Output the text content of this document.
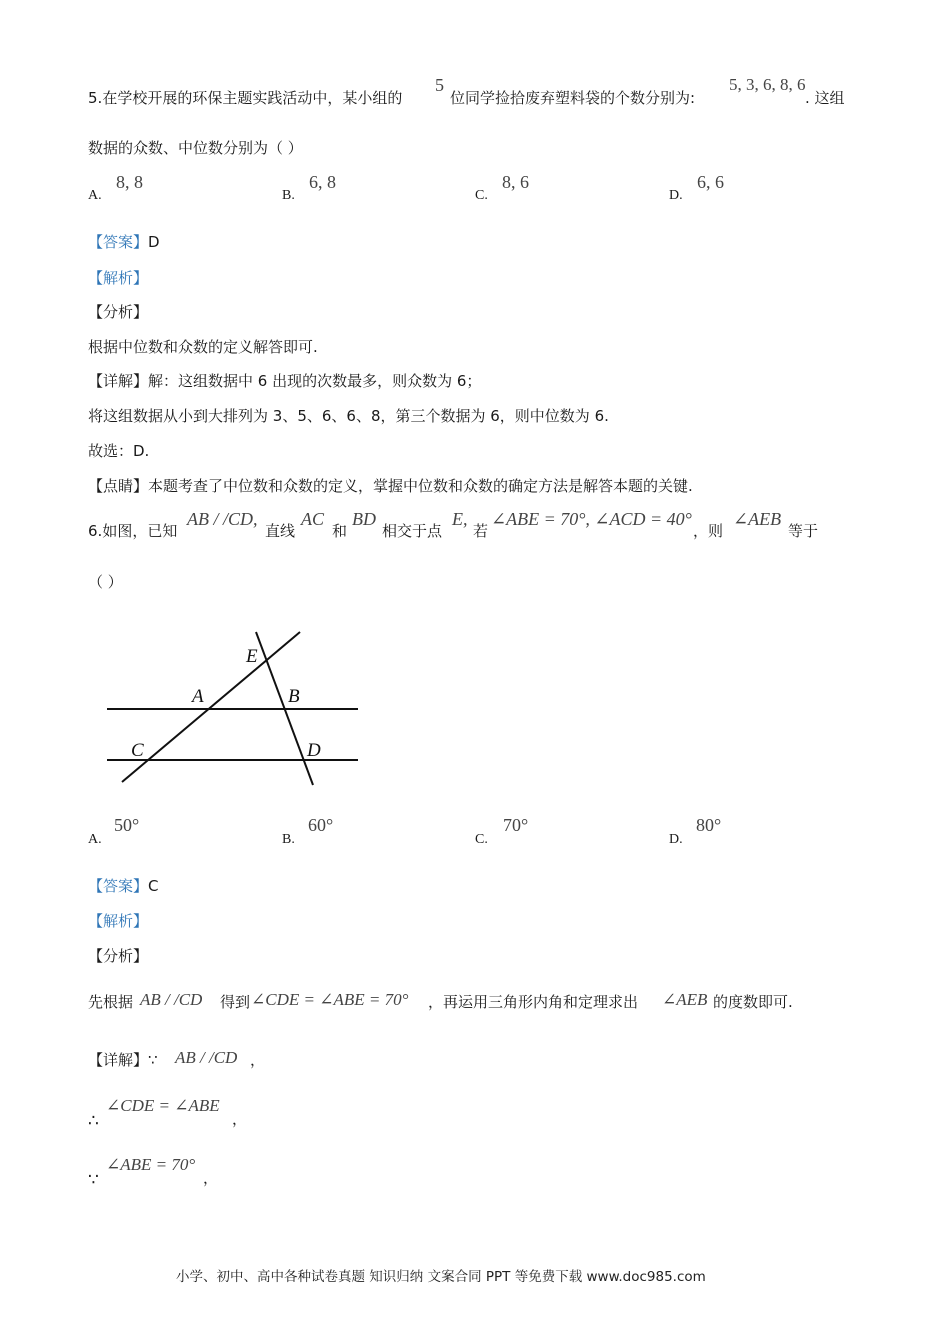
5.在学校开展的环保主题实践活动中，某小组的
5
位同学捡拾废弃塑料袋的个数分别为:
5, 3, 6, 8, 6
. 这组
数据的众数、中位数分别为（ ）
A.
8, 8
B.
6, 8
C.
8, 6
D.
6, 6
【答案】D
【解析】
【分析】
根据中位数和众数的定义解答即可.
【详解】解：这组数据中 6 出现的次数最多，则众数为 6；
将这组数据从小到大排列为 3、5、6、6、8，第三个数据为 6，则中位数为 6.
故选：D.
【点睛】本题考查了中位数和众数的定义，掌握中位数和众数的确定方法是解答本题的关键.
6.如图，已知
AB / /CD,
直线
AC
和
BD
相交于点
E,
若
∠ABE = 70°, ∠ACD = 40°
，则
∠AEB
等于
（ ）
E
A	B
C	D
A.
50°
B.
60°
C.
70°
D.
80°
【答案】C
【解析】
【分析】
先根据 AB / /CD 得到 ∠CDE = ∠ABE = 70° ，再运用三角形内角和定理求出 ∠AEB 的度数即可.
【详解】∵ AB / /CD ，
∴
∠CDE = ∠ABE
，
∵
∠ABE = 70°
，
小学、初中、高中各种试卷真题 知识归纳 文案合同 PPT 等免费下载 www.doc985.com
